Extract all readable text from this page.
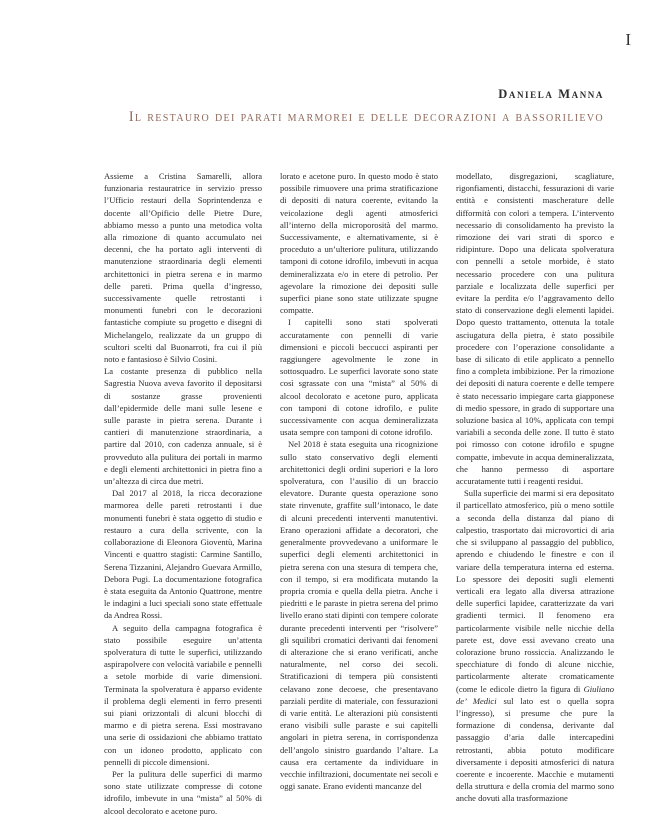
I
Daniela Manna
Il restauro dei parati marmorei e delle decorazioni a bassorilievo

Assieme a Cristina Samarelli, allora funzionaria restauratrice in servizio presso l’Ufficio restauri della Soprintendenza e docente all’Opificio delle Pietre Dure, abbiamo messo a punto una metodica volta alla rimozione di quanto accumulato nei decenni, che ha portato agli interventi di manutenzione straordinaria degli elementi architettonici in pietra serena e in marmo delle pareti. Prima quella d’ingresso, successivamente quelle retrostanti i monumenti funebri con le decorazioni fantastiche compiute su progetto e disegni di Michelangelo, realizzate da un gruppo di scultori scelti dal Buonarroti, fra cui il più noto e fantasioso è Silvio Cosini.

La costante presenza di pubblico nella Sagrestia Nuova aveva favorito il depositarsi di sostanze grasse provenienti dall’epidermide delle mani sulle lesene e sulle paraste in pietra serena. Durante i cantieri di manutenzione straordinaria, a partire dal 2010, con cadenza annuale, si è provveduto alla pulitura dei portali in marmo e degli elementi architettonici in pietra fino a un’altezza di circa due metri.

Dal 2017 al 2018, la ricca decorazione marmorea delle pareti retrostanti i due monumenti funebri è stata oggetto di studio e restauro a cura della scrivente, con la collaborazione di Eleonora Gioventù, Marina Vincenti e quattro stagisti: Carmine Santillo, Serena Tizzanini, Alejandro Guevara Armillo, Debora Pugi. La documentazione fotografica è stata eseguita da Antonio Quattrone, mentre le indagini a luci speciali sono state effettuale da Andrea Rossi.

A seguito della campagna fotografica è stato possibile eseguire un’attenta spolveratura di tutte le superfici, utilizzando aspirapolvere con velocità variabile e pennelli a setole morbide di varie dimensioni. Terminata la spolveratura è apparso evidente il problema degli elementi in ferro presenti sui piani orizzontali di alcuni blocchi di marmo e di pietra serena. Essi mostravano una serie di ossidazioni che abbiamo trattato con un idoneo prodotto, applicato con pennelli di piccole dimensioni.

Per la pulitura delle superfici di marmo sono state utilizzate compresse di cotone idrofilo, imbevute in una “mista” al 50% di alcool decolorato e acetone puro.

lorato e acetone puro. In questo modo è stato possibile rimuovere una prima stratificazione di depositi di natura coerente, evitando la veicolazione degli agenti atmosferici all’interno della microporosità del marmo. Successivamente, e alternativamente, si è proceduto a un’ulteriore pulitura, utilizzando tamponi di cotone idrofilo, imbevuti in acqua demineralizzata e/o in etere di petrolio. Per agevolare la rimozione dei depositi sulle superfici piane sono state utilizzate spugne compatte.

I capitelli sono stati spolverati accuratamente con pennelli di varie dimensioni e piccoli beccucci aspiranti per raggiungere agevolmente le zone in sottosquadro. Le superfici lavorate sono state così sgrassate con una “mista” al 50% di alcool decolorato e acetone puro, applicata con tamponi di cotone idrofilo, e pulite successivamente con acqua demineralizzata usata sempre con tamponi di cotone idrofilo.

Nel 2018 è stata eseguita una ricognizione sullo stato conservativo degli elementi architettonici degli ordini superiori e la loro spolveratura, con l’ausilio di un braccio elevatore. Durante questa operazione sono state rinvenute, graffite sull’intonaco, le date di alcuni precedenti interventi manutentivi. Erano operazioni affidate a decoratori, che generalmente provvedevano a uniformare le superfici degli elementi architettonici in pietra serena con una stesura di tempera che, con il tempo, si era modificata mutando la propria cromia e quella della pietra. Anche i piedritti e le paraste in pietra serena del primo livello erano stati dipinti con tempere colorate durante precedenti interventi per “risolvere” gli squilibri cromatici derivanti dai fenomeni di alterazione che si erano verificati, anche naturalmente, nel corso dei secoli. Stratificazioni di tempera più consistenti celavano zone decoese, che presentavano parziali perdite di materiale, con fessurazioni di varie entità. Le alterazioni più consistenti erano visibili sulle paraste e sui capitelli angolari in pietra serena, in corrispondenza dell’angolo sinistro guardando l’altare. La causa era certamente da individuare in vecchie infiltrazioni, documentate nei secoli e oggi sanate. Erano evidenti mancanze del

modellato, disgregazioni, scagliature, rigonfiamenti, distacchi, fessurazioni di varie entità e consistenti mascherature delle difformità con colori a tempera. L’intervento necessario di consolidamento ha previsto la rimozione dei vari strati di sporco e ridipinture. Dopo una delicata spolveratura con pennelli a setole morbide, è stato necessario procedere con una pulitura parziale e localizzata delle superfici per evitare la perdita e/o l’aggravamento dello stato di conservazione degli elementi lapidei. Dopo questo trattamento, ottenuta la totale asciugatura della pietra, è stato possibile procedere con l’operazione consolidante a base di silicato di etile applicato a pennello fino a completa imbibizione. Per la rimozione dei depositi di natura coerente e delle tempere è stato necessario impiegare carta giapponese di medio spessore, in grado di supportare una soluzione basica al 10%, applicata con tempi variabili a seconda delle zone. Il tutto è stato poi rimosso con cotone idrofilo e spugne compatte, imbevute in acqua demineralizzata, che hanno permesso di asportare accuratamente tutti i reagenti residui.

Sulla superficie dei marmi si era depositato il particellato atmosferico, più o meno sottile a seconda della distanza dal piano di calpestio, trasportato dai microvortici di aria che si sviluppano al passaggio del pubblico, aprendo e chiudendo le finestre e con il variare della temperatura interna ed esterna. Lo spessore dei depositi sugli elementi verticali era legato alla diversa attrazione delle superfici lapidee, caratterizzate da vari gradienti termici. Il fenomeno era particolarmente visibile nelle nicchie della parete est, dove essi avevano creato una colorazione bruno rossiccia. Analizzando le specchiature di fondo di alcune nicchie, particolarmente alterate cromaticamente (come le edicole dietro la figura di Giuliano de’ Medici sul lato est o quella sopra l’ingresso), si presume che pure la formazione di condensa, derivante dal passaggio d’aria dalle intercapedini retrostanti, abbia potuto modificare diversamente i depositi atmosferici di natura coerente e incoerente. Macchie e mutamenti della struttura e della cromia del marmo sono anche dovuti alla trasformazione
